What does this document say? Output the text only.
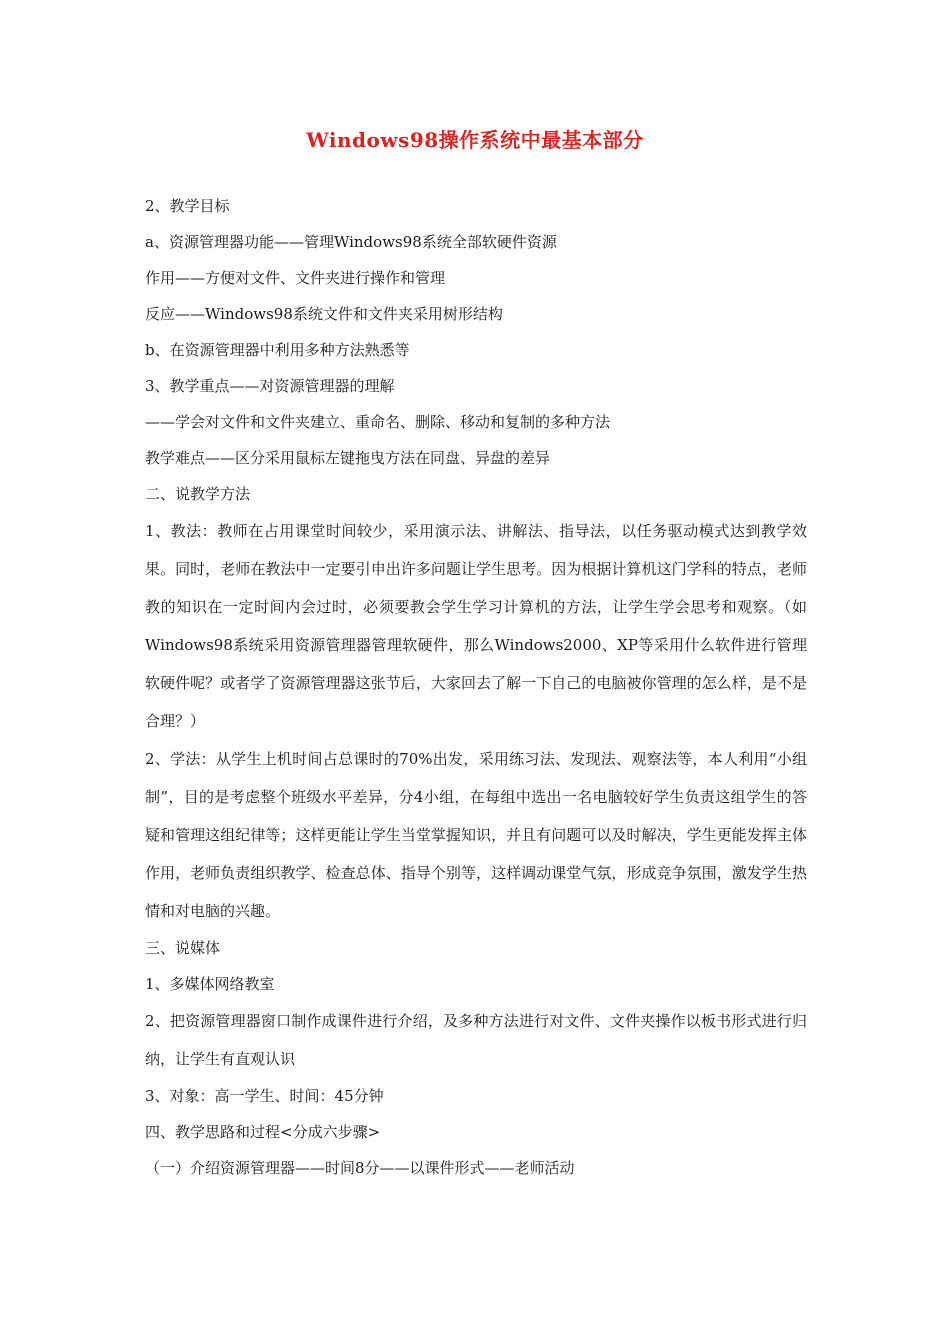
Windows98操作系统中最基本部分
2、教学目标
a、资源管理器功能——管理Windows98系统全部软硬件资源
作用——方便对文件、文件夹进行操作和管理
反应——Windows98系统文件和文件夹采用树形结构
b、在资源管理器中利用多种方法熟悉等
3、教学重点——对资源管理器的理解
——学会对文件和文件夹建立、重命名、删除、移动和复制的多种方法
教学难点——区分采用鼠标左键拖曳方法在同盘、异盘的差异
二、说教学方法

1、教法：教师在占用课堂时间较少，采用演示法、讲解法、指导法，以任务驱动模式达到教学效果。同时，老师在教法中一定要引申出许多问题让学生思考。因为根据计算机这门学科的特点，老师教的知识在一定时间内会过时，必须要教会学生学习计算机的方法，让学生学会思考和观察。（如Windows98系统采用资源管理器管理软硬件，那么Windows2000、XP等采用什么软件进行管理软硬件呢？或者学了资源管理器这张节后，大家回去了解一下自己的电脑被你管理的怎么样，是不是合理？）

2、学法：从学生上机时间占总课时的70%出发，采用练习法、发现法、观察法等，本人利用“小组制”，目的是考虑整个班级水平差异，分4小组，在每组中选出一名电脑较好学生负责这组学生的答疑和管理这组纪律等；这样更能让学生当堂掌握知识，并且有问题可以及时解决，学生更能发挥主体作用，老师负责组织教学、检查总体、指导个别等，这样调动课堂气氛，形成竞争氛围，激发学生热情和对电脑的兴趣。

三、说媒体
1、多媒体网络教室

2、把资源管理器窗口制作成课件进行介绍，及多种方法进行对文件、文件夹操作以板书形式进行归纳，让学生有直观认识

3、对象：高一学生、时间：45分钟
四、教学思路和过程<分成六步骤>
（一）介绍资源管理器——时间8分——以课件形式——老师活动
